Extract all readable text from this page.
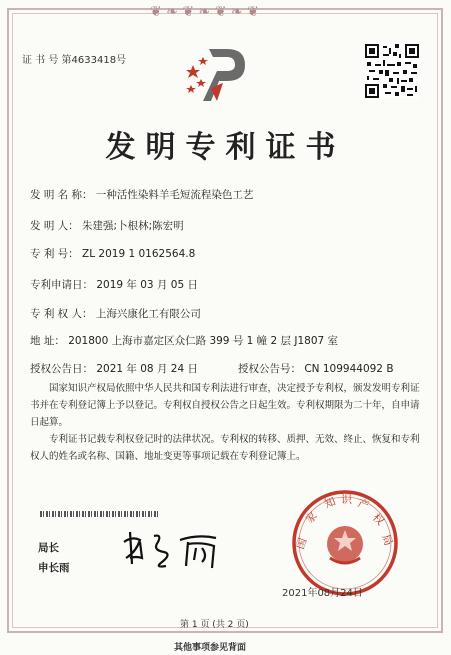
❦ ❧ ❦ ❧ ❦ ❧ ❦
证 书 号 第4633418号
发明专利证书
发 明 名 称： 一种活性染料羊毛短流程染色工艺
发 明 人： 朱建强;卜根林;陈宏明
专 利 号： ZL 2019 1 0162564.8
专利申请日： 2019 年 03 月 05 日
专 利 权 人： 上海兴康化工有限公司
地 址： 201800 上海市嘉定区众仁路 399 号 1 幢 2 层 J1807 室
授权公告日： 2021 年 08 月 24 日	授权公告号： CN 109944092 B
国家知识产权局依照中华人民共和国专利法进行审查，决定授予专利权，颁发发明专利证书并在专利登记簿上予以登记。专利权自授权公告之日起生效。专利权期限为二十年，自申请日起算。
专利证书记载专利权登记时的法律状况。专利权的转移、质押、无效、终止、恢复和专利权人的姓名或名称、国籍、地址变更等事项记载在专利登记簿上。
局长
申长雨
国
家
知 识 产
权
局
2021年08月24日
第 1 页 (共 2 页)
其他事项参见背面
